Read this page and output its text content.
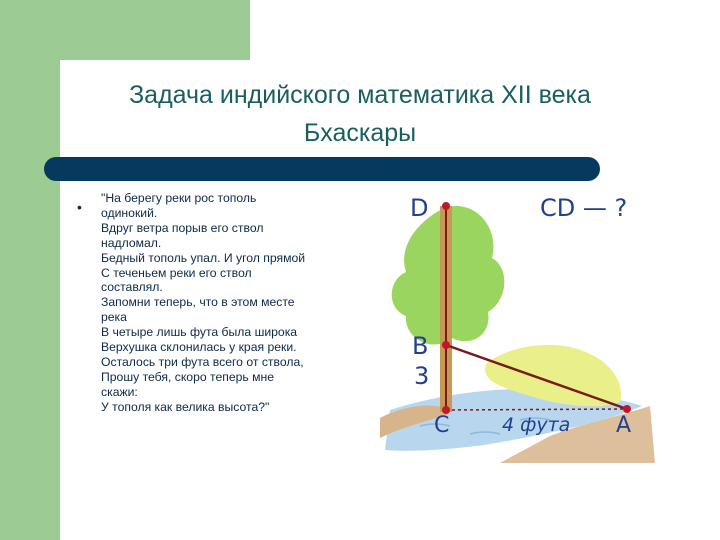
Задача индийского математика XII века
Бхаскары
•
"На берегу реки рос тополь
одинокий.
Вдруг ветра порыв его ствол
надломал.
Бедный тополь упал. И угол прямой
С теченьем реки его ствол
составлял.
Запомни теперь, что в этом месте
река
В четыре лишь фута была широка
Верхушка склонилась у края реки.
Осталось три фута всего от ствола,
Прошу тебя, скоро теперь мне
скажи:
У тополя как велика высота?"
D	CD — ?
B
3
C	4 фута A
